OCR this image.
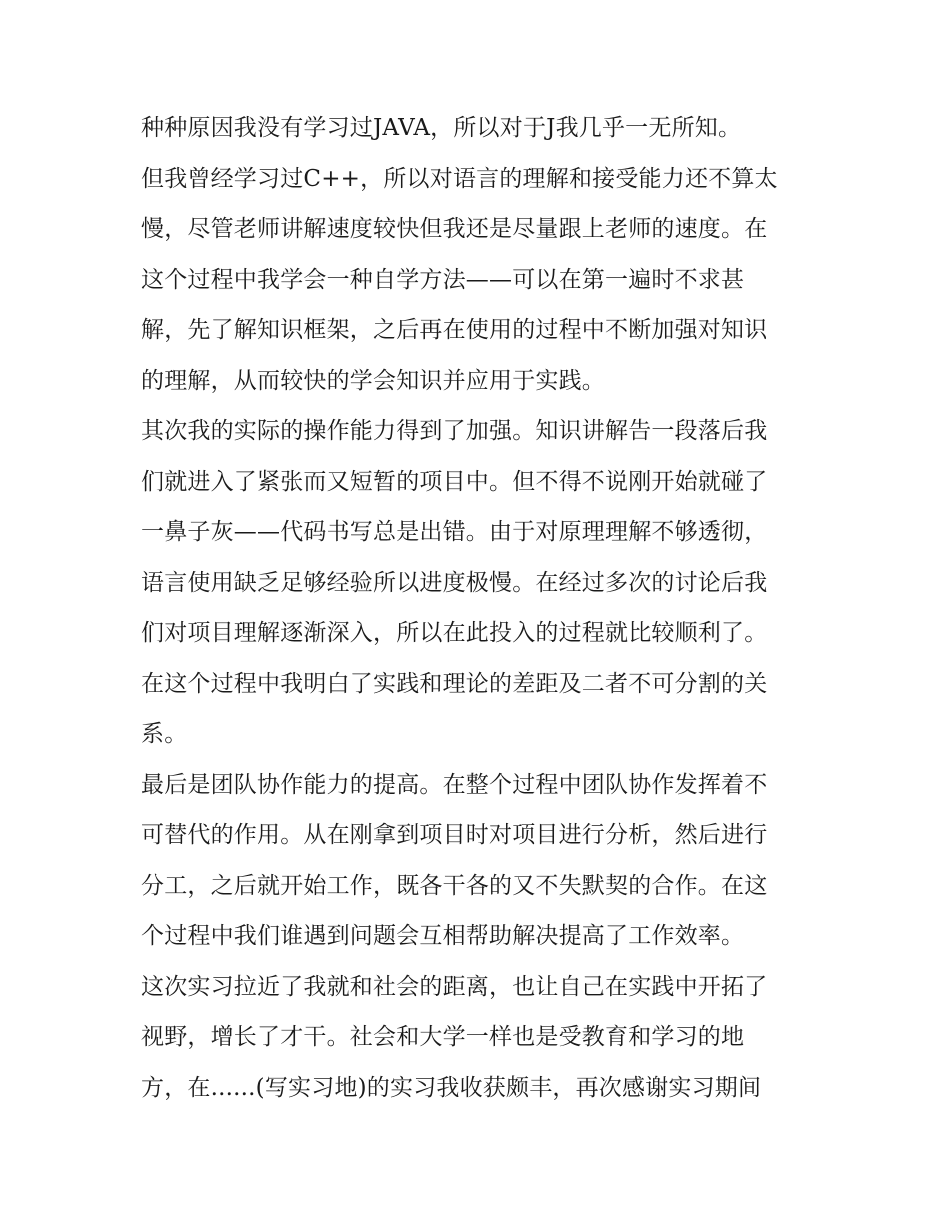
种种原因我没有学习过JAVA，所以对于J我几乎一无所知。
但我曾经学习过C++，所以对语言的理解和接受能力还不算太
慢，尽管老师讲解速度较快但我还是尽量跟上老师的速度。在
这个过程中我学会一种自学方法——可以在第一遍时不求甚
解，先了解知识框架，之后再在使用的过程中不断加强对知识
的理解，从而较快的学会知识并应用于实践。
其次我的实际的操作能力得到了加强。知识讲解告一段落后我
们就进入了紧张而又短暂的项目中。但不得不说刚开始就碰了
一鼻子灰——代码书写总是出错。由于对原理理解不够透彻，
语言使用缺乏足够经验所以进度极慢。在经过多次的讨论后我
们对项目理解逐渐深入，所以在此投入的过程就比较顺利了。
在这个过程中我明白了实践和理论的差距及二者不可分割的关
系。
最后是团队协作能力的提高。在整个过程中团队协作发挥着不
可替代的作用。从在刚拿到项目时对项目进行分析，然后进行
分工，之后就开始工作，既各干各的又不失默契的合作。在这
个过程中我们谁遇到问题会互相帮助解决提高了工作效率。
这次实习拉近了我就和社会的距离，也让自己在实践中开拓了
视野，增长了才干。社会和大学一样也是受教育和学习的地
方，在......(写实习地)的实习我收获颇丰，再次感谢实习期间
